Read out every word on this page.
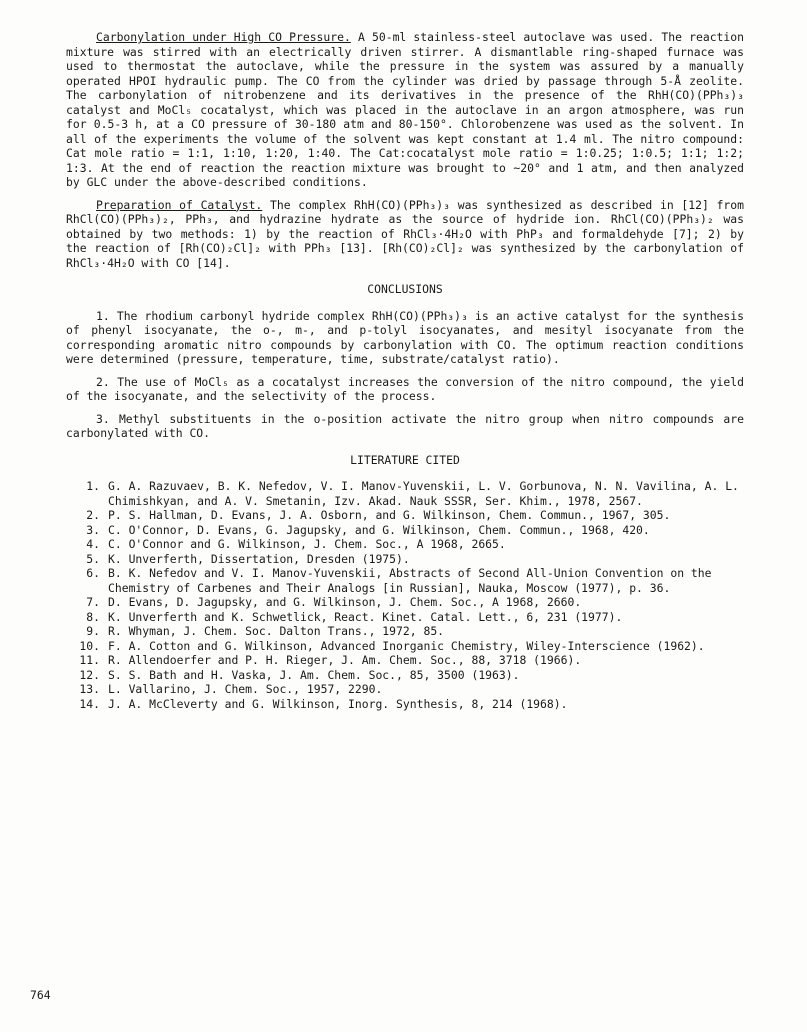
Carbonylation under High CO Pressure. A 50-ml stainless-steel autoclave was used. The reaction mixture was stirred with an electrically driven stirrer. A dismantlable ring-shaped furnace was used to thermostat the autoclave, while the pressure in the system was assured by a manually operated HPOI hydraulic pump. The CO from the cylinder was dried by passage through 5-Å zeolite. The carbonylation of nitrobenzene and its derivatives in the presence of the RhH(CO)(PPh₃)₃ catalyst and MoCl₅ cocatalyst, which was placed in the autoclave in an argon atmosphere, was run for 0.5-3 h, at a CO pressure of 30-180 atm and 80-150°. Chlorobenzene was used as the solvent. In all of the experiments the volume of the solvent was kept constant at 1.4 ml. The nitro compound: Cat mole ratio = 1:1, 1:10, 1:20, 1:40. The Cat:cocatalyst mole ratio = 1:0.25; 1:0.5; 1:1; 1:2; 1:3. At the end of reaction the reaction mixture was brought to ~20° and 1 atm, and then analyzed by GLC under the above-described conditions.

Preparation of Catalyst. The complex RhH(CO)(PPh₃)₃ was synthesized as described in [12] from RhCl(CO)(PPh₃)₂, PPh₃, and hydrazine hydrate as the source of hydride ion. RhCl(CO)(PPh₃)₂ was obtained by two methods: 1) by the reaction of RhCl₃·4H₂O with PhP₃ and formaldehyde [7]; 2) by the reaction of [Rh(CO)₂Cl]₂ with PPh₃ [13]. [Rh(CO)₂Cl]₂ was synthesized by the carbonylation of RhCl₃·4H₂O with CO [14].

CONCLUSIONS

1. The rhodium carbonyl hydride complex RhH(CO)(PPh₃)₃ is an active catalyst for the synthesis of phenyl isocyanate, the o-, m-, and p-tolyl isocyanates, and mesityl isocyanate from the corresponding aromatic nitro compounds by carbonylation with CO. The optimum reaction conditions were determined (pressure, temperature, time, substrate/catalyst ratio).

2. The use of MoCl₅ as a cocatalyst increases the conversion of the nitro compound, the yield of the isocyanate, and the selectivity of the process.

3. Methyl substituents in the o-position activate the nitro group when nitro compounds are carbonylated with CO.

LITERATURE CITED
1. G. A. Razuvaev, B. K. Nefedov, V. I. Manov-Yuvenskii, L. V. Gorbunova, N. N. Vavilina, A. L. Chimishkyan, and A. V. Smetanin, Izv. Akad. Nauk SSSR, Ser. Khim., 1978, 2567.
2. P. S. Hallman, D. Evans, J. A. Osborn, and G. Wilkinson, Chem. Commun., 1967, 305.
3. C. O'Connor, D. Evans, G. Jagupsky, and G. Wilkinson, Chem. Commun., 1968, 420.
4. C. O'Connor and G. Wilkinson, J. Chem. Soc., A 1968, 2665.
5. K. Unverferth, Dissertation, Dresden (1975).
6. B. K. Nefedov and V. I. Manov-Yuvenskii, Abstracts of Second All-Union Convention on the Chemistry of Carbenes and Their Analogs [in Russian], Nauka, Moscow (1977), p. 36.
7. D. Evans, D. Jagupsky, and G. Wilkinson, J. Chem. Soc., A 1968, 2660.
8. K. Unverferth and K. Schwetlick, React. Kinet. Catal. Lett., 6, 231 (1977).
9. R. Whyman, J. Chem. Soc. Dalton Trans., 1972, 85.
10. F. A. Cotton and G. Wilkinson, Advanced Inorganic Chemistry, Wiley-Interscience (1962).
11. R. Allendoerfer and P. H. Rieger, J. Am. Chem. Soc., 88, 3718 (1966).
12. S. S. Bath and H. Vaska, J. Am. Chem. Soc., 85, 3500 (1963).
13. L. Vallarino, J. Chem. Soc., 1957, 2290.
14. J. A. McCleverty and G. Wilkinson, Inorg. Synthesis, 8, 214 (1968).
764
